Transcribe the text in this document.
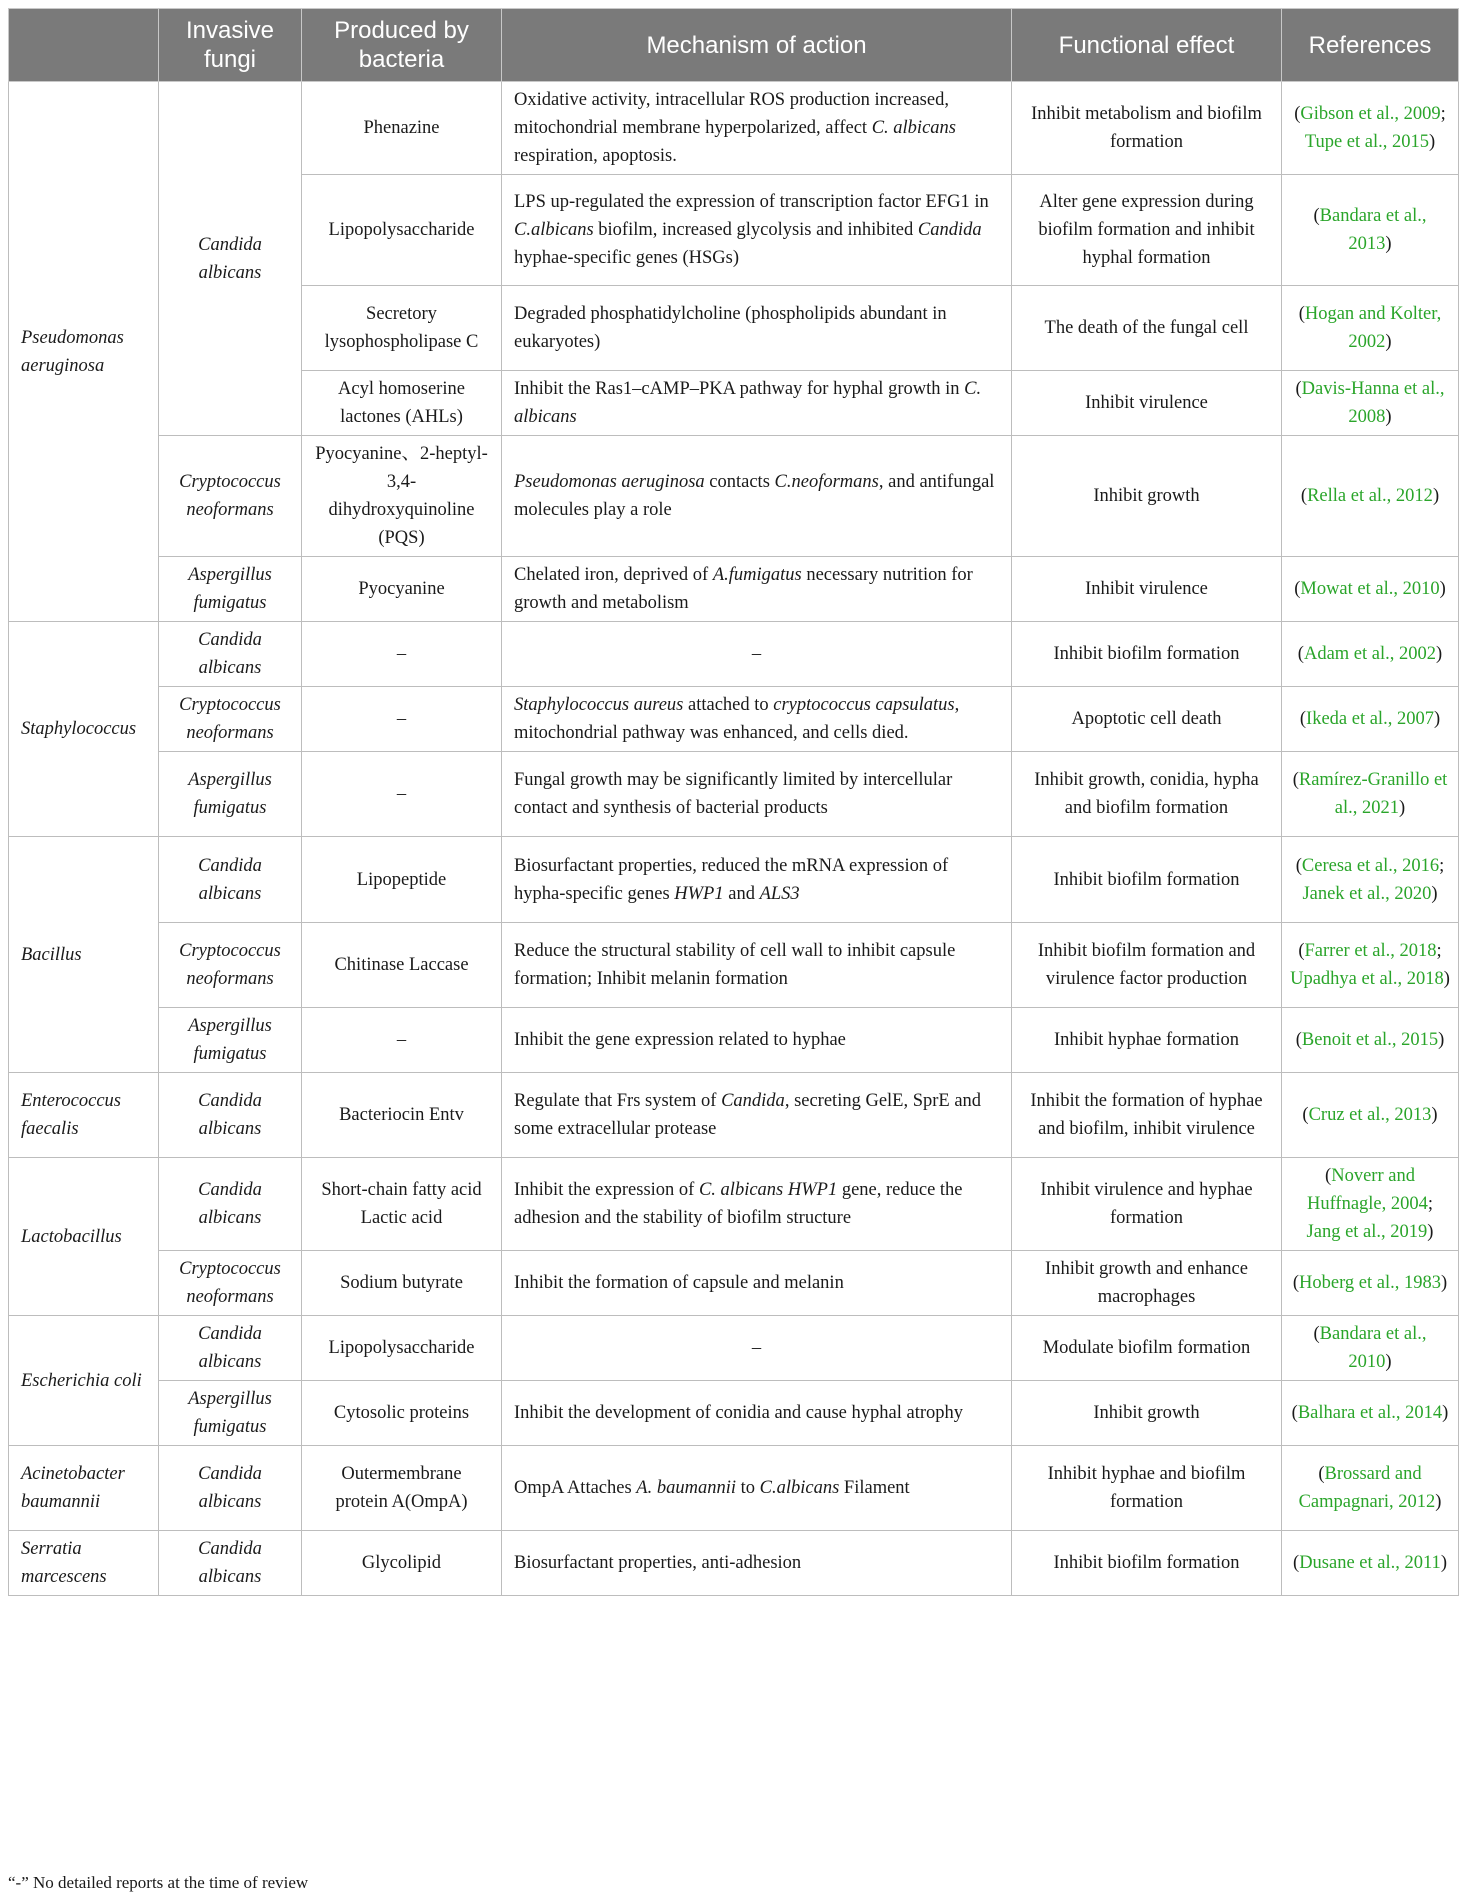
	Invasive fungi	Produced by bacteria	Mechanism of action	Functional effect	References
Pseudomonas aeruginosa	Candida albicans	Phenazine	Oxidative activity, intracellular ROS production increased, mitochondrial membrane hyperpolarized, affect C. albicans respiration, apoptosis.	Inhibit metabolism and biofilm formation	(Gibson et al., 2009; Tupe et al., 2015)
		Lipopolysaccharide	LPS up-regulated the expression of transcription factor EFG1 in C.albicans biofilm, increased glycolysis and inhibited Candida hyphae-specific genes (HSGs)	Alter gene expression during biofilm formation and inhibit hyphal formation	(Bandara et al., 2013)
		Secretory lysophospholipase C	Degraded phosphatidylcholine (phospholipids abundant in eukaryotes)	The death of the fungal cell	(Hogan and Kolter, 2002)
		Acyl homoserine lactones (AHLs)	Inhibit the Ras1–cAMP–PKA pathway for hyphal growth in C. albicans	Inhibit virulence	(Davis-Hanna et al., 2008)
	Cryptococcus neoformans	Pyocyanine、2-heptyl-3,4-dihydroxyquinoline (PQS)	Pseudomonas aeruginosa contacts C.neoformans, and antifungal molecules play a role	Inhibit growth	(Rella et al., 2012)
	Aspergillus fumigatus	Pyocyanine	Chelated iron, deprived of A.fumigatus necessary nutrition for growth and metabolism	Inhibit virulence	(Mowat et al., 2010)
Staphylococcus	Candida albicans	–	–	Inhibit biofilm formation	(Adam et al., 2002)
	Cryptococcus neoformans	–	Staphylococcus aureus attached to cryptococcus capsulatus, mitochondrial pathway was enhanced, and cells died.	Apoptotic cell death	(Ikeda et al., 2007)
	Aspergillus fumigatus	–	Fungal growth may be significantly limited by intercellular contact and synthesis of bacterial products	Inhibit growth, conidia, hypha and biofilm formation	(Ramírez-Granillo et al., 2021)
Bacillus	Candida albicans	Lipopeptide	Biosurfactant properties, reduced the mRNA expression of hypha-specific genes HWP1 and ALS3	Inhibit biofilm formation	(Ceresa et al., 2016; Janek et al., 2020)
	Cryptococcus neoformans	Chitinase Laccase	Reduce the structural stability of cell wall to inhibit capsule formation; Inhibit melanin formation	Inhibit biofilm formation and virulence factor production	(Farrer et al., 2018; Upadhya et al., 2018)
	Aspergillus fumigatus	–	Inhibit the gene expression related to hyphae	Inhibit hyphae formation	(Benoit et al., 2015)
Enterococcus faecalis	Candida albicans	Bacteriocin Entv	Regulate that Frs system of Candida, secreting GelE, SprE and some extracellular protease	Inhibit the formation of hyphae and biofilm, inhibit virulence	(Cruz et al., 2013)
Lactobacillus	Candida albicans	Short-chain fatty acid Lactic acid	Inhibit the expression of C. albicans HWP1 gene, reduce the adhesion and the stability of biofilm structure	Inhibit virulence and hyphae formation	(Noverr and Huffnagle, 2004; Jang et al., 2019)
	Cryptococcus neoformans	Sodium butyrate	Inhibit the formation of capsule and melanin	Inhibit growth and enhance macrophages	(Hoberg et al., 1983)
Escherichia coli	Candida albicans	Lipopolysaccharide	–	Modulate biofilm formation	(Bandara et al., 2010)
	Aspergillus fumigatus	Cytosolic proteins	Inhibit the development of conidia and cause hyphal atrophy	Inhibit growth	(Balhara et al., 2014)
Acinetobacter baumannii	Candida albicans	Outermembrane protein A(OmpA)	OmpA Attaches A. baumannii to C.albicans Filament	Inhibit hyphae and biofilm formation	(Brossard and Campagnari, 2012)
Serratia marcescens	Candida albicans	Glycolipid	Biosurfactant properties, anti-adhesion	Inhibit biofilm formation	(Dusane et al., 2011)
“-” No detailed reports at the time of review
